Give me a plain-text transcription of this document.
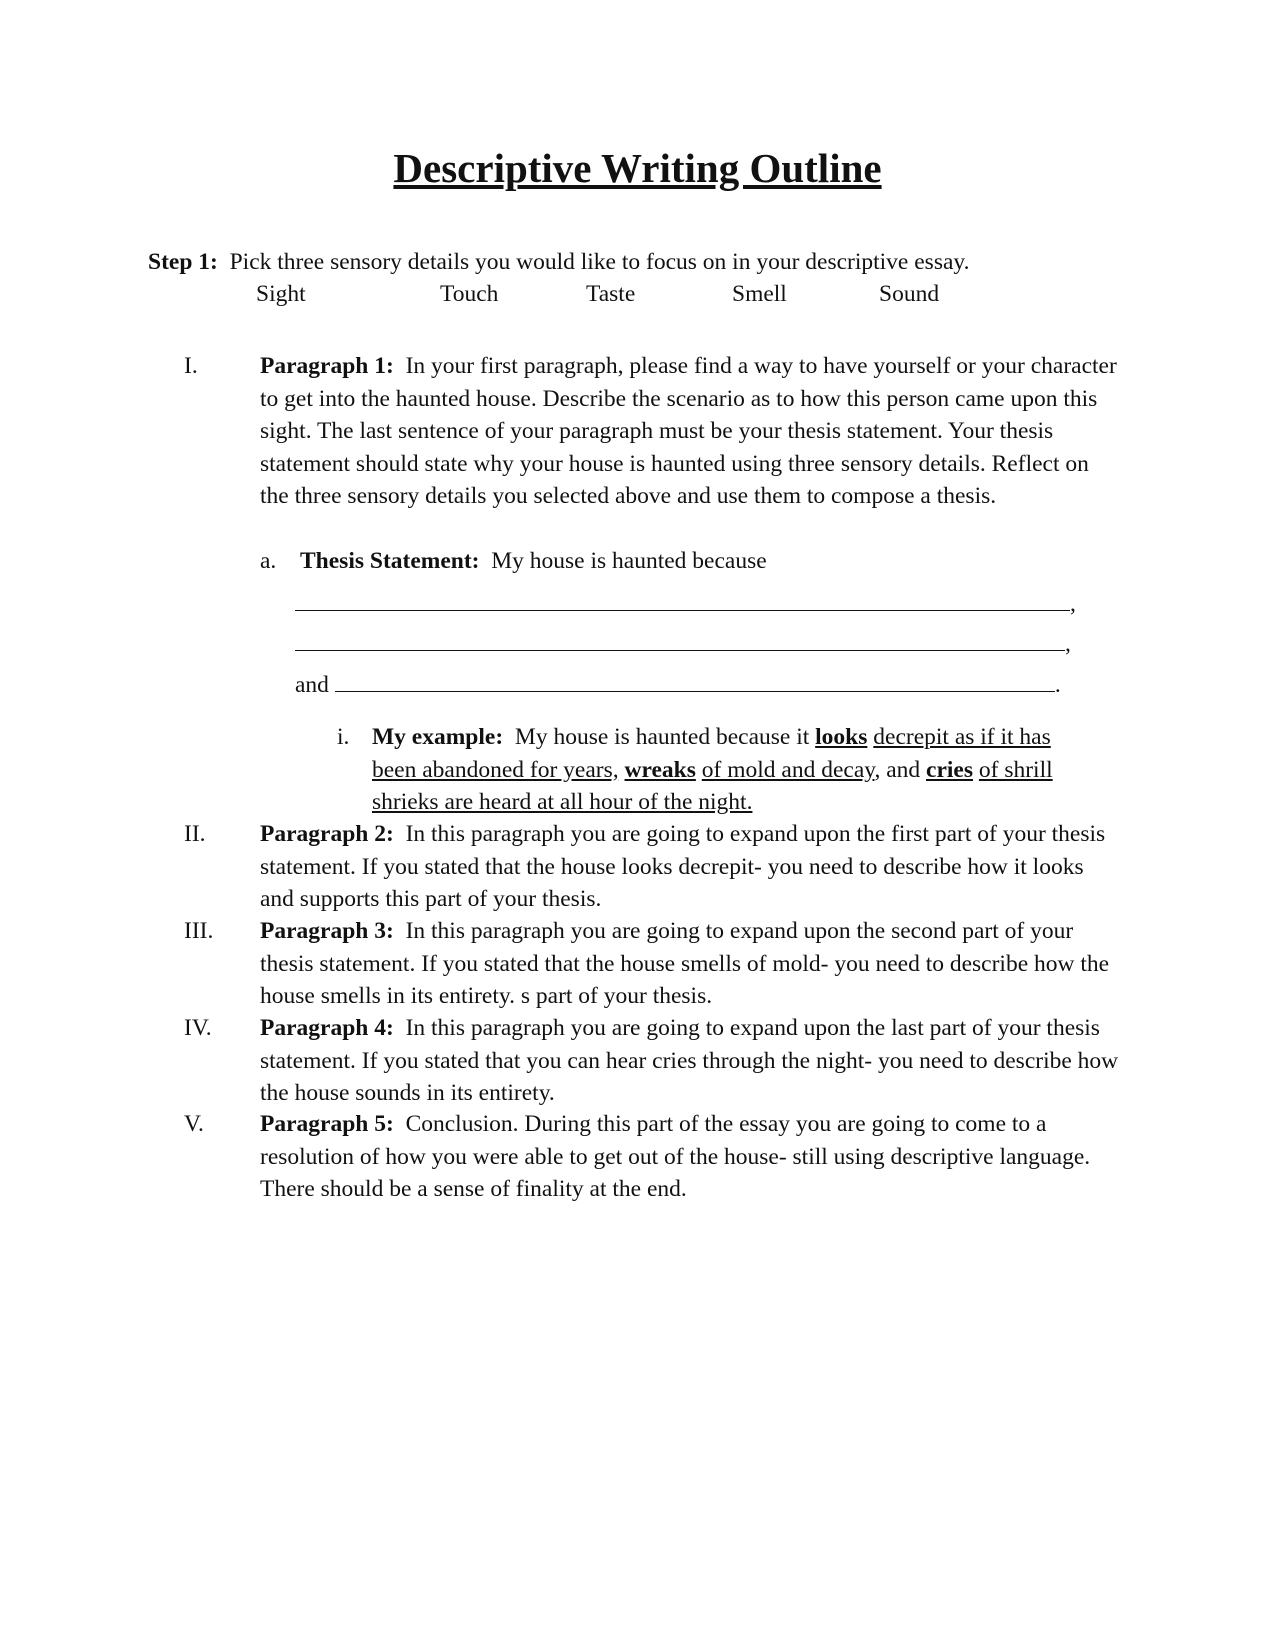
Descriptive Writing Outline
Step 1: Pick three sensory details you would like to focus on in your descriptive essay.
Sight	Touch	Taste	Smell	Sound
I.	Paragraph 1: In your first paragraph, please find a way to have yourself or your character to get into the haunted house. Describe the scenario as to how this person came upon this sight. The last sentence of your paragraph must be your thesis statement. Your thesis statement should state why your house is haunted using three sensory details. Reflect on the three sensory details you selected above and use them to compose a thesis.

a. Thesis Statement: My house is haunted because
,
,
and	.
i. My example: My house is haunted because it looks decrepit as if it has been abandoned for years, wreaks of mold and decay, and cries of shrill shrieks are heard at all hour of the night.

II. Paragraph 2: In this paragraph you are going to expand upon the first part of your thesis statement. If you stated that the house looks decrepit- you need to describe how it looks and supports this part of your thesis.

III. Paragraph 3: In this paragraph you are going to expand upon the second part of your thesis statement. If you stated that the house smells of mold- you need to describe how the house smells in its entirety. s part of your thesis.

IV. Paragraph 4: In this paragraph you are going to expand upon the last part of your thesis statement. If you stated that you can hear cries through the night- you need to describe how the house sounds in its entirety.

V. Paragraph 5: Conclusion. During this part of the essay you are going to come to a resolution of how you were able to get out of the house- still using descriptive language. There should be a sense of finality at the end.
